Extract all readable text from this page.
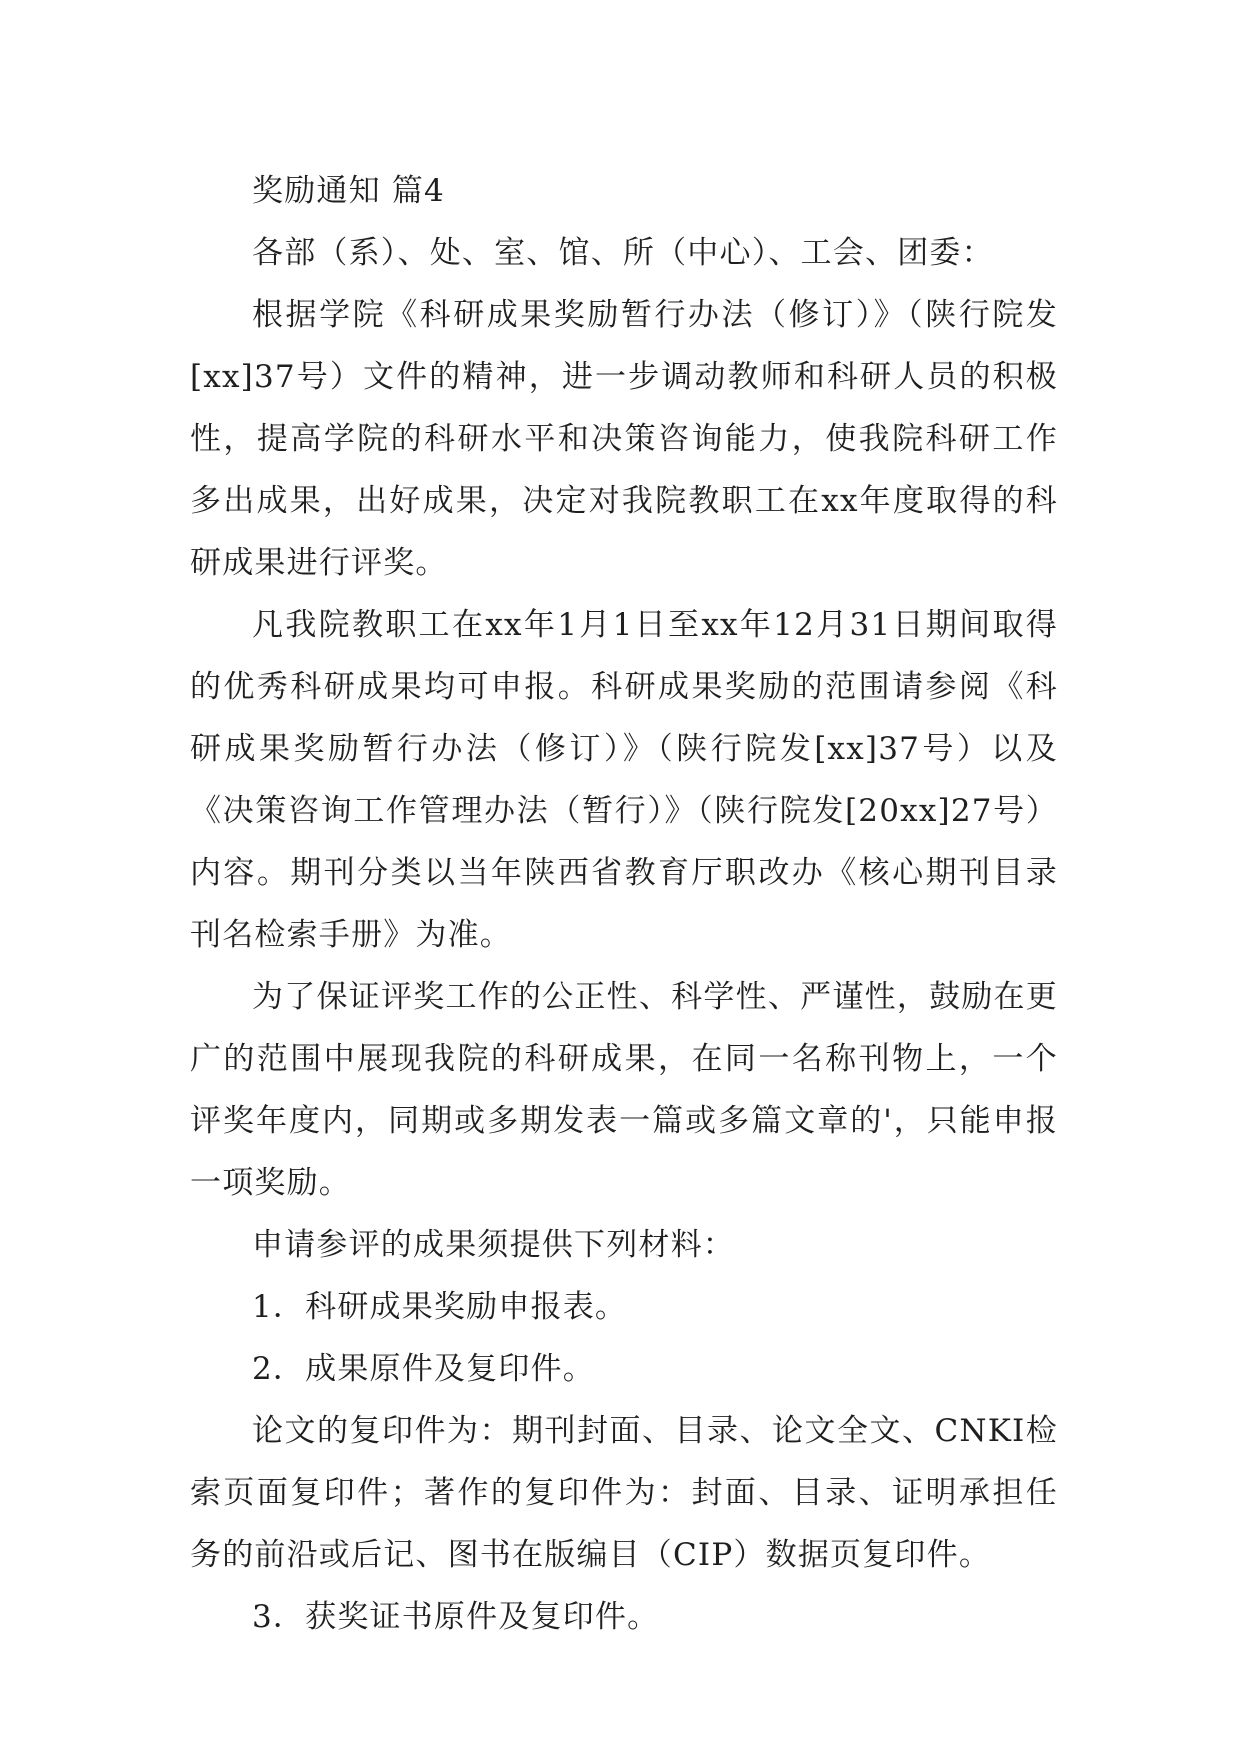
奖励通知 篇4

各部（系）、处、室、馆、所（中心）、工会、团委：

根据学院《科研成果奖励暂行办法（修订）》（陕行院发[xx]37号）文件的精神，进一步调动教师和科研人员的积极性，提高学院的科研水平和决策咨询能力，使我院科研工作多出成果，出好成果，决定对我院教职工在xx年度取得的科研成果进行评奖。

凡我院教职工在xx年1月1日至xx年12月31日期间取得的优秀科研成果均可申报。科研成果奖励的范围请参阅《科研成果奖励暂行办法（修订）》（陕行院发[xx]37号）以及《决策咨询工作管理办法（暂行）》（陕行院发[20xx]27号）内容。期刊分类以当年陕西省教育厅职改办《核心期刊目录刊名检索手册》为准。

为了保证评奖工作的公正性、科学性、严谨性，鼓励在更广的范围中展现我院的科研成果，在同一名称刊物上，一个评奖年度内，同期或多期发表一篇或多篇文章的'，只能申报一项奖励。

申请参评的成果须提供下列材料：

1．科研成果奖励申报表。

2．成果原件及复印件。

论文的复印件为：期刊封面、目录、论文全文、CNKI检索页面复印件；著作的复印件为：封面、目录、证明承担任务的前沿或后记、图书在版编目（CIP）数据页复印件。

3．获奖证书原件及复印件。
